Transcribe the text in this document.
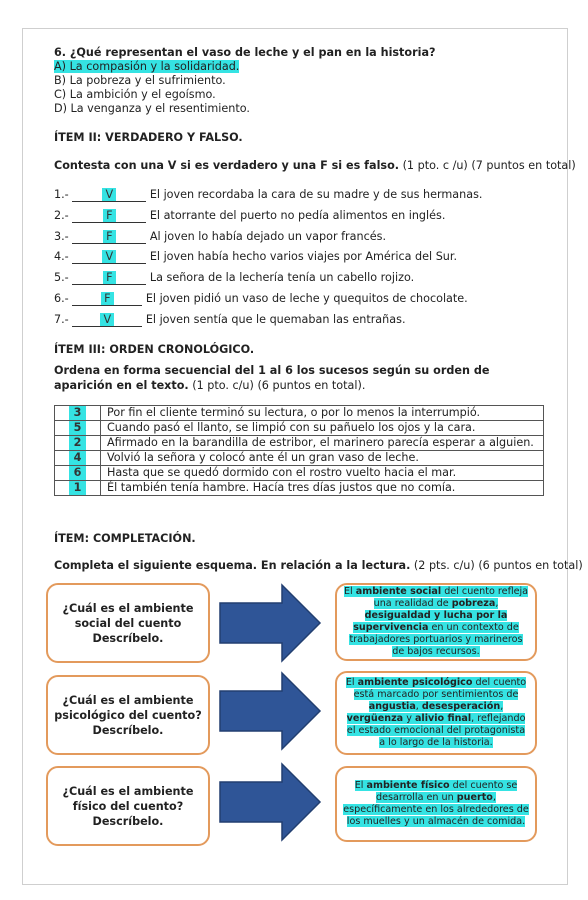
6. ¿Qué representan el vaso de leche y el pan en la historia?
A) La compasión y la solidaridad.
B) La pobreza y el sufrimiento.
C) La ambición y el egoísmo.
D) La venganza y el resentimiento.
ÍTEM II: VERDADERO Y FALSO.
Contesta con una V si es verdadero y una F si es falso. (1 pto. c /u) (7 puntos en total)
1.-	V	El joven recordaba la cara de su madre y de sus hermanas.
2.-	F	El atorrante del puerto no pedía alimentos en inglés.
3.-	F	Al joven lo había dejado un vapor francés.
4.-	V	El joven había hecho varios viajes por América del Sur.
5.-	F	La señora de la lechería tenía un cabello rojizo.
6.-	F	El joven pidió un vaso de leche y quequitos de chocolate.
7.-	V	El joven sentía que le quemaban las entrañas.
ÍTEM III: ORDEN CRONOLÓGICO.
Ordena en forma secuencial del 1 al 6 los sucesos según su orden de aparición en el texto. (1 pto. c/u) (6 puntos en total).
3	Por fin el cliente terminó su lectura, o por lo menos la interrumpió.
5	Cuando pasó el llanto, se limpió con su pañuelo los ojos y la cara.
2	Afirmado en la barandilla de estribor, el marinero parecía esperar a alguien.
4	Volvió la señora y colocó ante él un gran vaso de leche.
6	Hasta que se quedó dormido con el rostro vuelto hacia el mar.
1	Él también tenía hambre. Hacía tres días justos que no comía.
ÍTEM: COMPLETACIÓN.
Completa el siguiente esquema. En relación a la lectura. (2 pts. c/u) (6 puntos en total)
¿Cuál es el ambiente social del cuento Descríbelo.
¿Cuál es el ambiente psicológico del cuento? Descríbelo.
¿Cuál es el ambiente físico del cuento? Descríbelo.
El ambiente social del cuento refleja una realidad de pobreza, desigualdad y lucha por la supervivencia en un contexto de trabajadores portuarios y marineros de bajos recursos.
El ambiente psicológico del cuento está marcado por sentimientos de angustia, desesperación, vergüenza y alivio final, reflejando el estado emocional del protagonista a lo largo de la historia.
El ambiente físico del cuento se desarrolla en un puerto, específicamente en los alrededores de los muelles y un almacén de comida.
